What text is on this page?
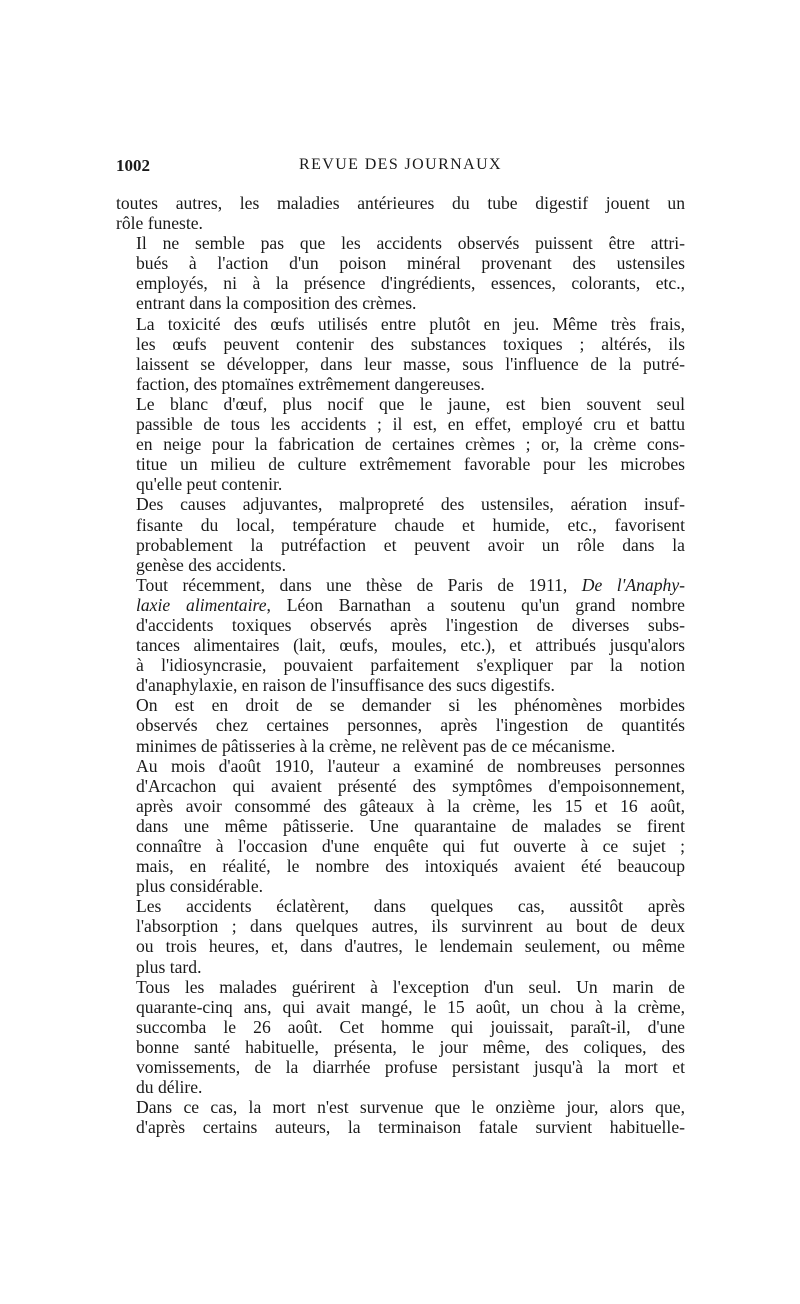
1002	REVUE DES JOURNAUX

toutes autres, les maladies antérieures du tube digestif jouent un
rôle funeste.

Il ne semble pas que les accidents observés puissent être attri-
bués à l'action d'un poison minéral provenant des ustensiles
employés, ni à la présence d'ingrédients, essences, colorants, etc.,
entrant dans la composition des crèmes.

La toxicité des œufs utilisés entre plutôt en jeu. Même très frais,
les œufs peuvent contenir des substances toxiques ; altérés, ils
laissent se développer, dans leur masse, sous l'influence de la putré-
faction, des ptomaïnes extrêmement dangereuses.

Le blanc d'œuf, plus nocif que le jaune, est bien souvent seul
passible de tous les accidents ; il est, en effet, employé cru et battu
en neige pour la fabrication de certaines crèmes ; or, la crème cons-
titue un milieu de culture extrêmement favorable pour les microbes
qu'elle peut contenir.

Des causes adjuvantes, malpropreté des ustensiles, aération insuf-
fisante du local, température chaude et humide, etc., favorisent
probablement la putréfaction et peuvent avoir un rôle dans la
genèse des accidents.

Tout récemment, dans une thèse de Paris de 1911, De l'Anaphy-
laxie alimentaire, Léon Barnathan a soutenu qu'un grand nombre
d'accidents toxiques observés après l'ingestion de diverses subs-
tances alimentaires (lait, œufs, moules, etc.), et attribués jusqu'alors
à l'idiosyncrasie, pouvaient parfaitement s'expliquer par la notion
d'anaphylaxie, en raison de l'insuffisance des sucs digestifs.

On est en droit de se demander si les phénomènes morbides
observés chez certaines personnes, après l'ingestion de quantités
minimes de pâtisseries à la crème, ne relèvent pas de ce mécanisme.

Au mois d'août 1910, l'auteur a examiné de nombreuses personnes
d'Arcachon qui avaient présenté des symptômes d'empoisonnement,
après avoir consommé des gâteaux à la crème, les 15 et 16 août,
dans une même pâtisserie. Une quarantaine de malades se firent
connaître à l'occasion d'une enquête qui fut ouverte à ce sujet ;
mais, en réalité, le nombre des intoxiqués avaient été beaucoup
plus considérable.

Les accidents éclatèrent, dans quelques cas, aussitôt après
l'absorption ; dans quelques autres, ils survinrent au bout de deux
ou trois heures, et, dans d'autres, le lendemain seulement, ou même
plus tard.

Tous les malades guérirent à l'exception d'un seul. Un marin de
quarante-cinq ans, qui avait mangé, le 15 août, un chou à la crème,
succomba le 26 août. Cet homme qui jouissait, paraît-il, d'une
bonne santé habituelle, présenta, le jour même, des coliques, des
vomissements, de la diarrhée profuse persistant jusqu'à la mort et
du délire.

Dans ce cas, la mort n'est survenue que le onzième jour, alors que,
d'après certains auteurs, la terminaison fatale survient habituelle-
